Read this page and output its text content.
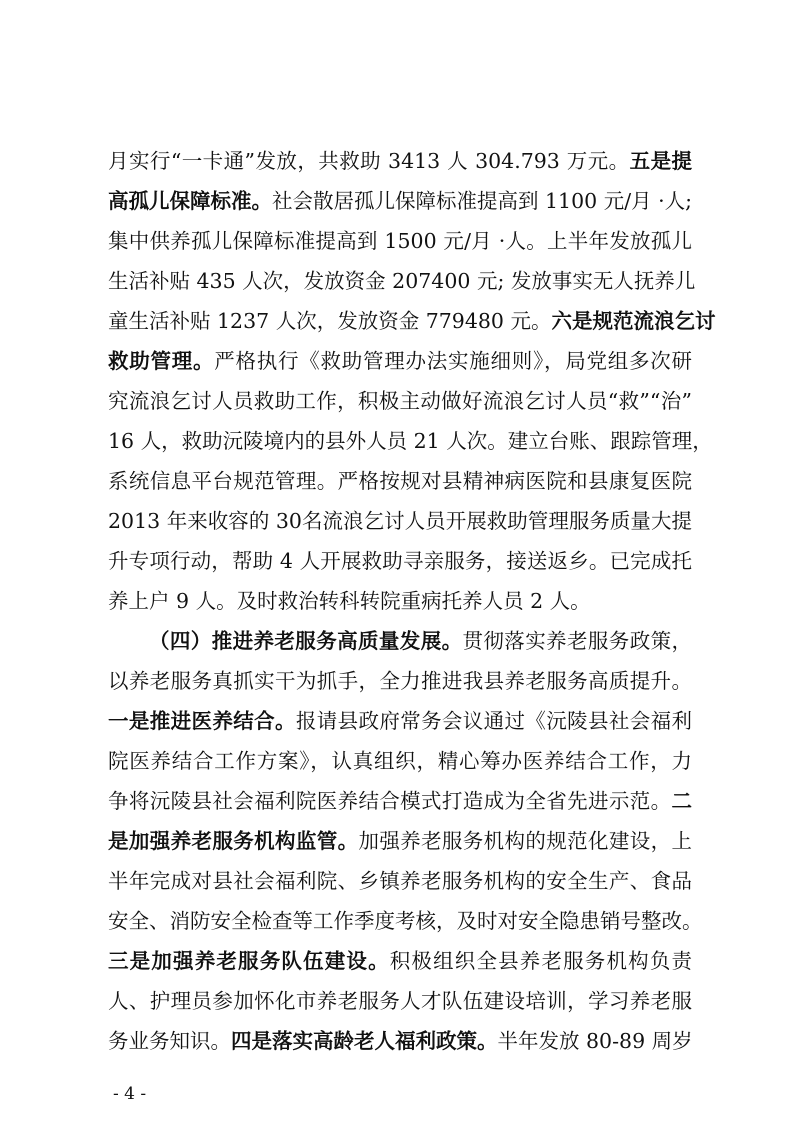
月实行“一卡通”发放，共救助 3413 人 304.793 万元。五是提
高孤儿保障标准。社会散居孤儿保障标准提高到 1100 元/月 ·人;
集中供养孤儿保障标准提高到 1500 元/月 ·人。上半年发放孤儿
生活补贴 435 人次，发放资金 207400 元; 发放事实无人抚养儿
童生活补贴 1237 人次，发放资金 779480 元。六是规范流浪乞讨
救助管理。严格执行《救助管理办法实施细则》，局党组多次研
究流浪乞讨人员救助工作，积极主动做好流浪乞讨人员“救”“治”
16 人，救助沅陵境内的县外人员 21 人次。建立台账、跟踪管理，
系统信息平台规范管理。严格按规对县精神病医院和县康复医院
2013 年来收容的 30名流浪乞讨人员开展救助管理服务质量大提
升专项行动，帮助 4 人开展救助寻亲服务，接送返乡。已完成托
养上户 9 人。及时救治转科转院重病托养人员 2 人。
（四）推进养老服务高质量发展。贯彻落实养老服务政策，
以养老服务真抓实干为抓手，全力推进我县养老服务高质提升。
一是推进医养结合。报请县政府常务会议通过《沅陵县社会福利
院医养结合工作方案》，认真组织，精心筹办医养结合工作，力
争将沅陵县社会福利院医养结合模式打造成为全省先进示范。二
是加强养老服务机构监管。加强养老服务机构的规范化建设，上
半年完成对县社会福利院、乡镇养老服务机构的安全生产、食品
安全、消防安全检查等工作季度考核，及时对安全隐患销号整改。
三是加强养老服务队伍建设。积极组织全县养老服务机构负责
人、护理员参加怀化市养老服务人才队伍建设培训，学习养老服
务业务知识。四是落实高龄老人福利政策。半年发放 80-89 周岁
- 4 -
